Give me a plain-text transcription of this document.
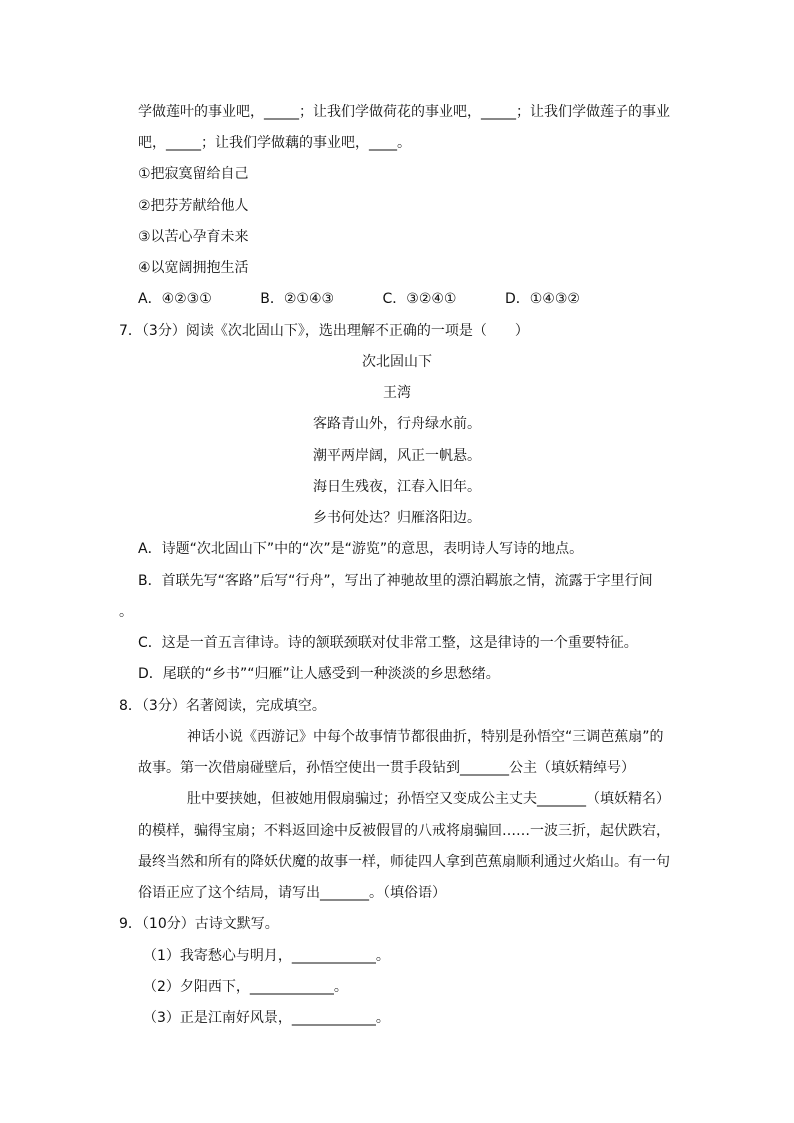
学做莲叶的事业吧，_____；让我们学做荷花的事业吧，_____；让我们学做莲子的事业
吧，_____；让我们学做藕的事业吧，____。
①把寂寞留给自己
②把芬芳献给他人
③以苦心孕育未来
④以宽阔拥抱生活
A．④②③①	B．②①④③	C．③②④①	D．①④③②
7．（3分）阅读《次北固山下》，选出理解不正确的一项是（　　）
次北固山下
王湾
客路青山外，行舟绿水前。
潮平两岸阔，风正一帆悬。
海日生残夜，江春入旧年。
乡书何处达？归雁洛阳边。
A．诗题“次北固山下”中的“次”是“游览”的意思，表明诗人写诗的地点。
B．首联先写“客路”后写“行舟”，写出了神驰故里的漂泊羁旅之情，流露于字里行间
。
C．这是一首五言律诗。诗的颔联颈联对仗非常工整，这是律诗的一个重要特征。
D．尾联的“乡书”“归雁”让人感受到一种淡淡的乡思愁绪。
8．（3分）名著阅读，完成填空。
神话小说《西游记》中每个故事情节都很曲折，特别是孙悟空“三调芭蕉扇”的
故事。第一次借扇碰壁后，孙悟空使出一贯手段钻到_______公主（填妖精绰号）
肚中要挟她，但被她用假扇骗过；孙悟空又变成公主丈夫_______（填妖精名）
的模样，骗得宝扇；不料返回途中反被假冒的八戒将扇骗回……一波三折，起伏跌宕，
最终当然和所有的降妖伏魔的故事一样，师徒四人拿到芭蕉扇顺利通过火焰山。有一句
俗语正应了这个结局，请写出_______。（填俗语）
9．（10分）古诗文默写。
（1）我寄愁心与明月，____________。
（2）夕阳西下，____________。
（3）正是江南好风景，____________。
